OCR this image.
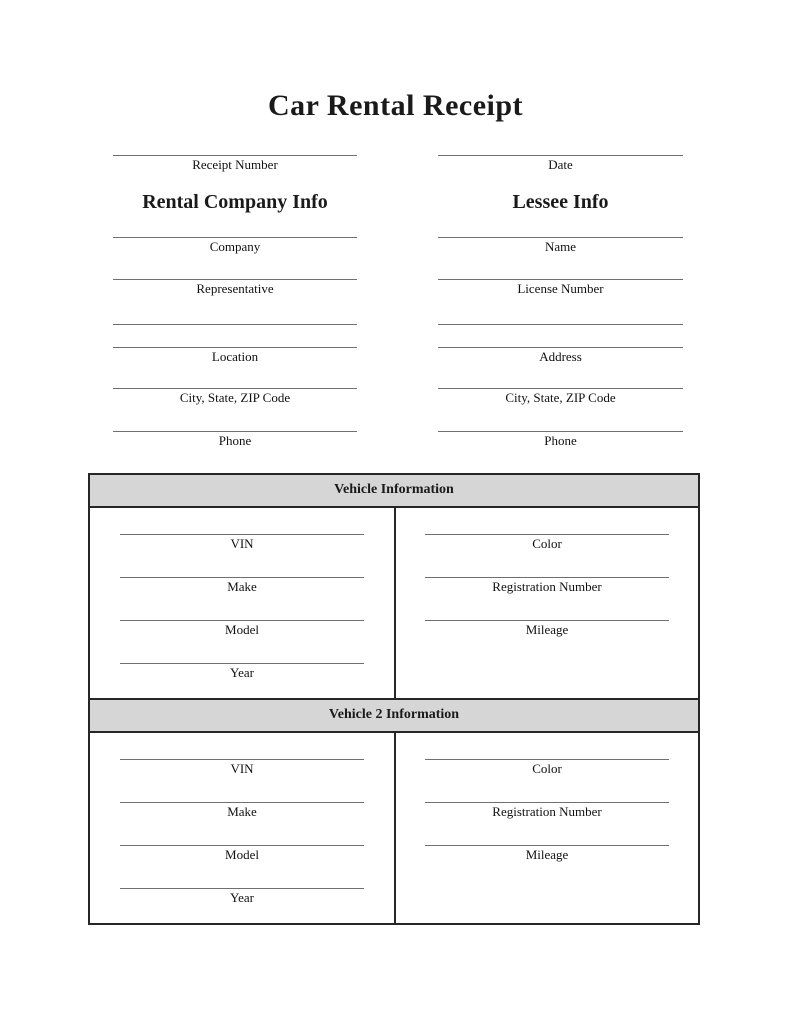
Car Rental Receipt
Receipt Number
Rental Company Info
Company
Representative
Location
City, State, ZIP Code
Phone
Date
Lessee Info
Name
License Number
Address
City, State, ZIP Code
Phone
Vehicle Information
VIN
Make
Model
Year
Color
Registration Number
Mileage
Vehicle 2 Information
VIN
Make
Model
Year
Color
Registration Number
Mileage
